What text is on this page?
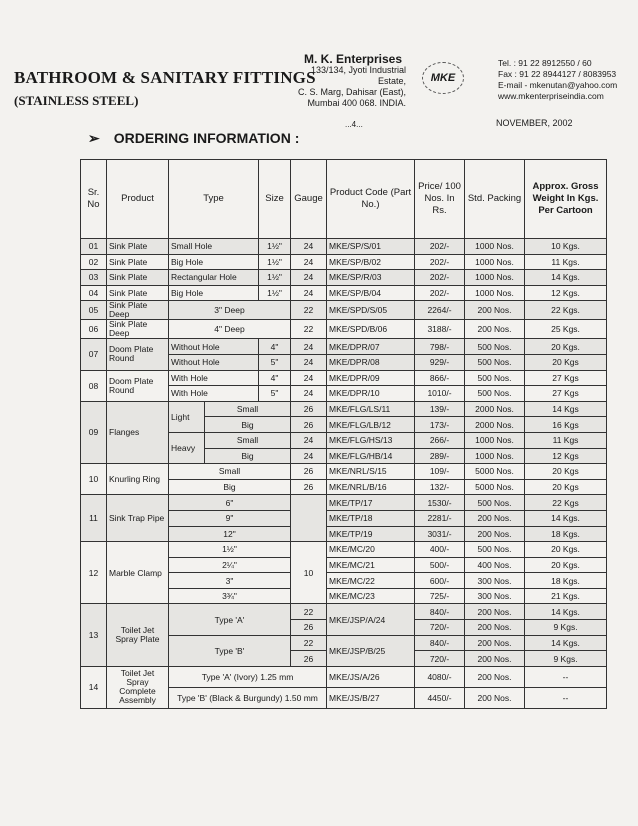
BATHROOM & SANITARY FITTINGS
(STAINLESS STEEL)
M. K. Enterprises
133/134, Jyoti Industrial Estate,
C. S. Marg, Dahisar (East),
Mumbai 400 068. INDIA.
MKE
Tel. : 91 22 8912550 / 60
Fax : 91 22 8944127 / 8083953
E-mail - mkenutan@yahoo.com
www.mkenterpriseindia.com
...4...	NOVEMBER, 2002
➢ ORDERING INFORMATION :
Sr. No	Product	Type		Size	Gauge	Product Code (Part No.)	Price/ 100 Nos. In Rs.	Std. Packing	Approx. Gross Weight In Kgs. Per Cartoon
01	Sink Plate	Small Hole		1½"	24	MKE/SP/S/01	202/-	1000 Nos.	10 Kgs.
02	Sink Plate	Big Hole		1½"	24	MKE/SP/B/02	202/-	1000 Nos.	11 Kgs.
03	Sink Plate	Rectangular Hole		1½"	24	MKE/SP/R/03	202/-	1000 Nos.	14 Kgs.
04	Sink Plate	Big Hole		1½"	24	MKE/SP/B/04	202/-	1000 Nos.	12 Kgs.
05	Sink Plate Deep	3" Deep			22	MKE/SPD/S/05	2264/-	200 Nos.	22 Kgs.
06	Sink Plate Deep	4" Deep			22	MKE/SPD/B/06	3188/-	200 Nos.	25 Kgs.
07	Doom Plate Round	Without Hole		4"	24	MKE/DPR/07	798/-	500 Nos.	20 Kgs.
		Without Hole		5"	24	MKE/DPR/08	929/-	500 Nos.	20 Kgs
08	Doom Plate Round	With Hole		4"	24	MKE/DPR/09	866/-	500 Nos.	27 Kgs
		With Hole		5"	24	MKE/DPR/10	1010/-	500 Nos.	27 Kgs
09	Flanges	Light	Small		26	MKE/FLG/LS/11	139/-	2000 Nos.	14 Kgs
			Big		26	MKE/FLG/LB/12	173/-	2000 Nos.	16 Kgs
		Heavy	Small		24	MKE/FLG/HS/13	266/-	1000 Nos.	11 Kgs
			Big		24	MKE/FLG/HB/14	289/-	1000 Nos.	12 Kgs
10	Knurling Ring	Small			26	MKE/NRL/S/15	109/-	5000 Nos.	20 Kgs
		Big			26	MKE/NRL/B/16	132/-	5000 Nos.	20 Kgs
11	Sink Trap Pipe	6"				MKE/TP/17	1530/-	500 Nos.	22 Kgs
		9"				MKE/TP/18	2281/-	200 Nos.	14 Kgs.
		12"				MKE/TP/19	3031/-	200 Nos.	18 Kgs.
12	Marble Clamp	1½"			10	MKE/MC/20	400/-	500 Nos.	20 Kgs.
		2¼"				MKE/MC/21	500/-	400 Nos.	20 Kgs.
		3"				MKE/MC/22	600/-	300 Nos.	18 Kgs.
		3¾"				MKE/MC/23	725/-	300 Nos.	21 Kgs.
13	Toilet Jet Spray Plate	Type 'A'			22	MKE/JSP/A/24	840/-	200 Nos.	14 Kgs.
					26		720/-	200 Nos.	9 Kgs.
		Type 'B'			22	MKE/JSP/B/25	840/-	200 Nos.	14 Kgs.
					26		720/-	200 Nos.	9 Kgs.
14	Toilet Jet Spray Complete Assembly	Type 'A' (Ivory) 1.25 mm				MKE/JS/A/26	4080/-	200 Nos.	--
		Type 'B' (Black & Burgundy) 1.50 mm				MKE/JS/B/27	4450/-	200 Nos.	--
